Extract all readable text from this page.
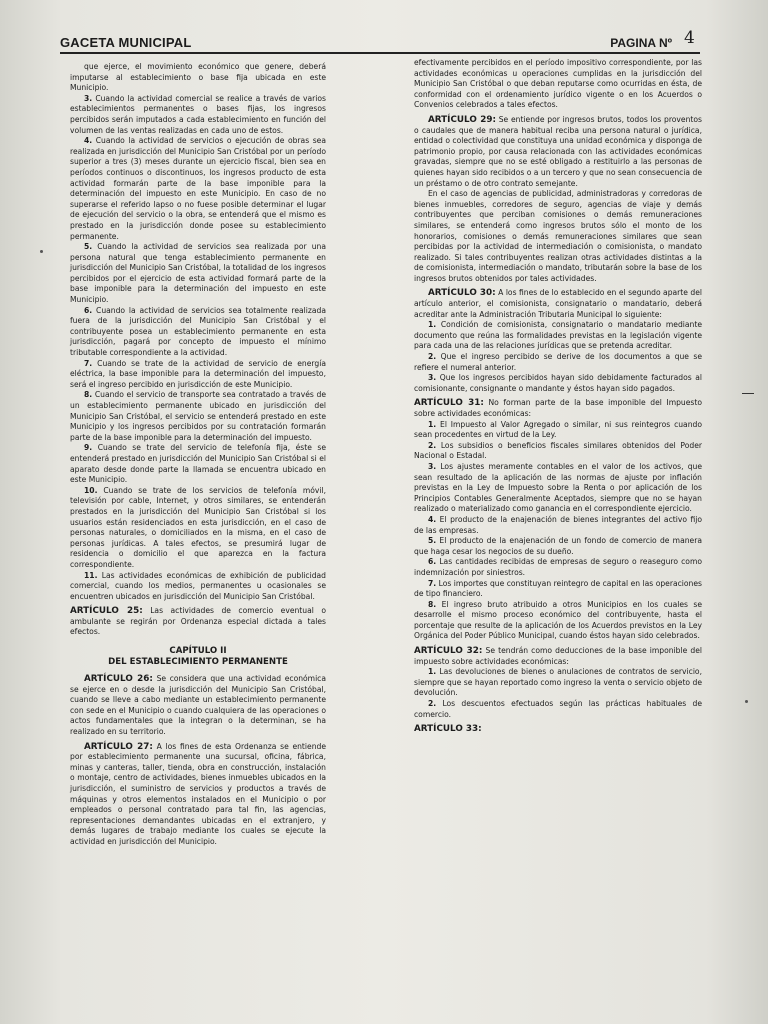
GACETA MUNICIPAL	PAGINA Nº 4

que ejerce, el movimiento económico que genere, deberá imputarse al establecimiento o base fija ubicada en este Municipio.

3. Cuando la actividad comercial se realice a través de varios establecimientos permanentes o bases fijas, los ingresos percibidos serán imputados a cada establecimiento en función del volumen de las ventas realizadas en cada uno de estos.

4. Cuando la actividad de servicios o ejecución de obras sea realizada en jurisdicción del Municipio San Cristóbal por un período superior a tres (3) meses durante un ejercicio fiscal, bien sea en períodos continuos o discontinuos, los ingresos producto de esta actividad formarán parte de la base imponible para la determinación del impuesto en este Municipio. En caso de no superarse el referido lapso o no fuese posible determinar el lugar de ejecución del servicio o la obra, se entenderá que el mismo es prestado en la jurisdicción donde posee su establecimiento permanente.

5. Cuando la actividad de servicios sea realizada por una persona natural que tenga establecimiento permanente en jurisdicción del Municipio San Cristóbal, la totalidad de los ingresos percibidos por el ejercicio de esta actividad formará parte de la base imponible para la determinación del impuesto en este Municipio.

6. Cuando la actividad de servicios sea totalmente realizada fuera de la jurisdicción del Municipio San Cristóbal y el contribuyente posea un establecimiento permanente en esta jurisdicción, pagará por concepto de impuesto el mínimo tributable correspondiente a la actividad.

7. Cuando se trate de la actividad de servicio de energía eléctrica, la base imponible para la determinación del impuesto, será el ingreso percibido en jurisdicción de este Municipio.

8. Cuando el servicio de transporte sea contratado a través de un establecimiento permanente ubicado en jurisdicción del Municipio San Cristóbal, el servicio se entenderá prestado en este Municipio y los ingresos percibidos por su contratación formarán parte de la base imponible para la determinación del impuesto.

9. Cuando se trate del servicio de telefonía fija, éste se entenderá prestado en jurisdicción del Municipio San Cristóbal si el aparato desde donde parte la llamada se encuentra ubicado en este Municipio.

10. Cuando se trate de los servicios de telefonía móvil, televisión por cable, Internet, y otros similares, se entenderán prestados en la jurisdicción del Municipio San Cristóbal si los usuarios están residenciados en esta jurisdicción, en el caso de personas naturales, o domiciliados en la misma, en el caso de personas jurídicas. A tales efectos, se presumirá lugar de residencia o domicilio el que aparezca en la factura correspondiente.

11. Las actividades económicas de exhibición de publicidad comercial, cuando los medios, permanentes u ocasionales se encuentren ubicados en jurisdicción del Municipio San Cristóbal.

ARTÍCULO 25: Las actividades de comercio eventual o ambulante se regirán por Ordenanza especial dictada a tales efectos.

CAPÍTULO II
DEL ESTABLECIMIENTO PERMANENTE

ARTÍCULO 26: Se considera que una actividad económica se ejerce en o desde la jurisdicción del Municipio San Cristóbal, cuando se lleve a cabo mediante un establecimiento permanente con sede en el Municipio o cuando cualquiera de las operaciones o actos fundamentales que la integran o la determinan, se ha realizado en su territorio.

ARTÍCULO 27: A los fines de esta Ordenanza se entiende por establecimiento permanente una sucursal, oficina, fábrica, minas y canteras, taller, tienda, obra en construcción, instalación o montaje, centro de actividades, bienes inmuebles ubicados en la jurisdicción, el suministro de servicios y productos a través de máquinas y otros elementos instalados en el Municipio o por empleados o personal contratado para tal fin, las agencias, representaciones demandantes ubicadas en el extranjero, y demás lugares de trabajo mediante los cuales se ejecute la actividad en jurisdicción del Municipio.

efectivamente percibidos en el período impositivo correspondiente, por las actividades económicas u operaciones cumplidas en la jurisdicción del Municipio San Cristóbal o que deban reputarse como ocurridas en ésta, de conformidad con el ordenamiento jurídico vigente o en los Acuerdos o Convenios celebrados a tales efectos.

ARTÍCULO 29: Se entiende por ingresos brutos, todos los proventos o caudales que de manera habitual reciba una persona natural o jurídica, entidad o colectividad que constituya una unidad económica y disponga de patrimonio propio, por causa relacionada con las actividades económicas gravadas, siempre que no se esté obligado a restituirlo a las personas de quienes hayan sido recibidos o a un tercero y que no sean consecuencia de un préstamo o de otro contrato semejante.

En el caso de agencias de publicidad, administradoras y corredoras de bienes inmuebles, corredores de seguro, agencias de viaje y demás contribuyentes que perciban comisiones o demás remuneraciones similares, se entenderá como ingresos brutos sólo el monto de los honorarios, comisiones o demás remuneraciones similares que sean percibidas por la actividad de intermediación o comisionista, o mandato realizado. Si tales contribuyentes realizan otras actividades distintas a la de comisionista, intermediación o mandato, tributarán sobre la base de los ingresos brutos obtenidos por tales actividades.

ARTÍCULO 30: A los fines de lo establecido en el segundo aparte del artículo anterior, el comisionista, consignatario o mandatario, deberá acreditar ante la Administración Tributaria Municipal lo siguiente:

1. Condición de comisionista, consignatario o mandatario mediante documento que reúna las formalidades previstas en la legislación vigente para cada una de las relaciones jurídicas que se pretenda acreditar.

2. Que el ingreso percibido se derive de los documentos a que se refiere el numeral anterior.

3. Que los ingresos percibidos hayan sido debidamente facturados al comisionante, consignante o mandante y éstos hayan sido pagados.

ARTÍCULO 31: No forman parte de la base imponible del Impuesto sobre actividades económicas:

1. El Impuesto al Valor Agregado o similar, ni sus reintegros cuando sean procedentes en virtud de la Ley.

2. Los subsidios o beneficios fiscales similares obtenidos del Poder Nacional o Estadal.

3. Los ajustes meramente contables en el valor de los activos, que sean resultado de la aplicación de las normas de ajuste por inflación previstas en la Ley de Impuesto sobre la Renta o por aplicación de los Principios Contables Generalmente Aceptados, siempre que no se hayan realizado o materializado como ganancia en el correspondiente ejercicio.

4. El producto de la enajenación de bienes integrantes del activo fijo de las empresas.

5. El producto de la enajenación de un fondo de comercio de manera que haga cesar los negocios de su dueño.

6. Las cantidades recibidas de empresas de seguro o reaseguro como indemnización por siniestros.

7. Los importes que constituyan reintegro de capital en las operaciones de tipo financiero.

8. El ingreso bruto atribuido a otros Municipios en los cuales se desarrolle el mismo proceso económico del contribuyente, hasta el porcentaje que resulte de la aplicación de los Acuerdos previstos en la Ley Orgánica del Poder Público Municipal, cuando éstos hayan sido celebrados.

ARTÍCULO 32: Se tendrán como deducciones de la base imponible del impuesto sobre actividades económicas:

1. Las devoluciones de bienes o anulaciones de contratos de servicio, siempre que se hayan reportado como ingreso la venta o servicio objeto de devolución.

2. Los descuentos efectuados según las prácticas habituales de comercio.

ARTÍCULO 33:
